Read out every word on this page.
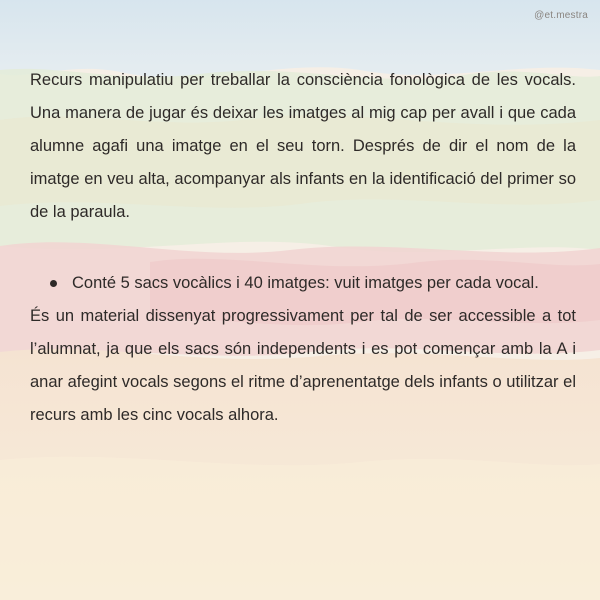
@et.mestra

Recurs manipulatiu per treballar la consciència fonològica de les vocals. Una manera de jugar és deixar les imatges al mig cap per avall i que cada alumne agafi una imatge en el seu torn. Després de dir el nom de la imatge en veu alta, acompanyar als infants en la identificació del primer so de la paraula.

Conté 5 sacs vocàlics i 40 imatges: vuit imatges per cada vocal.

És un material dissenyat progressivament per tal de ser accessible a tot l’alumnat, ja que els sacs són independents i es pot començar amb la A i anar afegint vocals segons el ritme d’aprenentatge dels infants o utilitzar el recurs amb les cinc vocals alhora.
